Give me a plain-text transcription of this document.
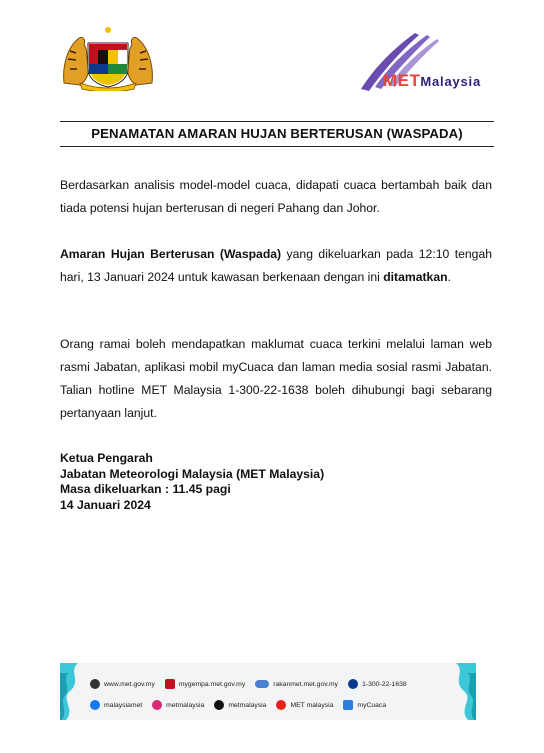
METMalaysia
PENAMATAN AMARAN HUJAN BERTERUSAN (WASPADA)

Berdasarkan analisis model-model cuaca, didapati cuaca bertambah baik dan tiada potensi hujan berterusan di negeri Pahang dan Johor.

Amaran Hujan Berterusan (Waspada) yang dikeluarkan pada 12:10 tengah hari, 13 Januari 2024 untuk kawasan berkenaan dengan ini ditamatkan.

Orang ramai boleh mendapatkan maklumat cuaca terkini melalui laman web rasmi Jabatan, aplikasi mobil myCuaca dan laman media sosial rasmi Jabatan. Talian hotline MET Malaysia 1-300-22-1638 boleh dihubungi bagi sebarang pertanyaan lanjut.

Ketua Pengarah
Jabatan Meteorologi Malaysia (MET Malaysia)
Masa dikeluarkan : 11.45 pagi
14 Januari 2024
www.met.gov.my	mygempa.met.gov.my	rakanmet.met.gov.my	1-300-22-1638
malaysiamet	metmalaysia	metmalaysia	MET malaysia	myCuaca
